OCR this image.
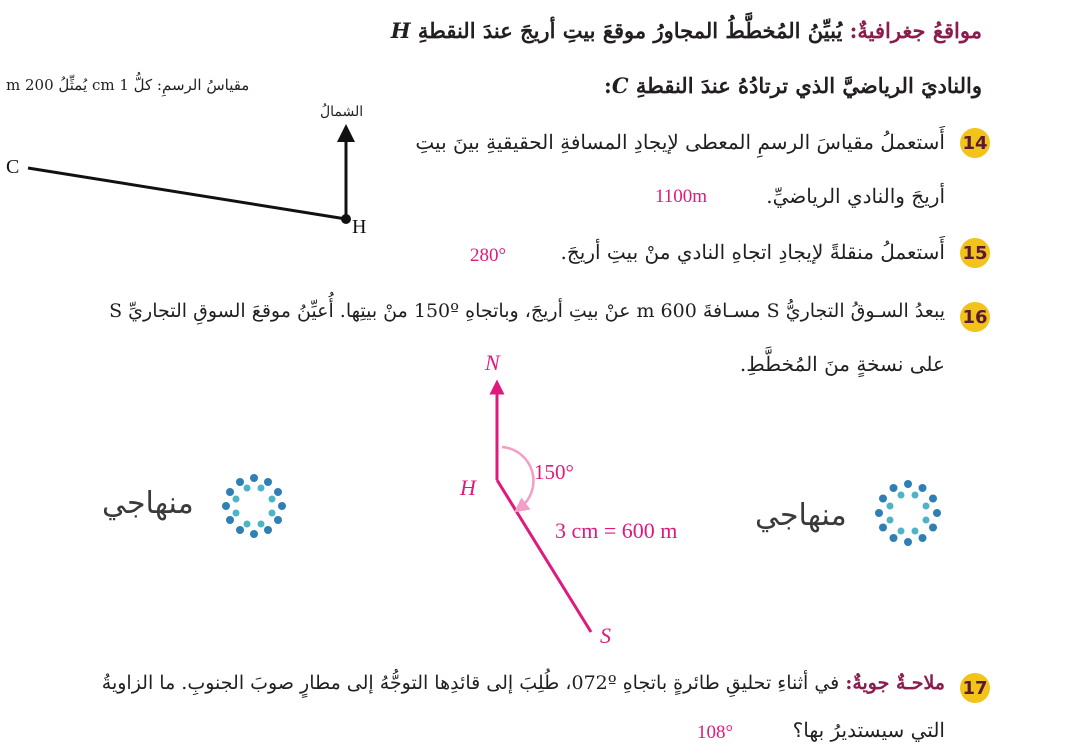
مواقعُ جغرافيةٌ: يُبيِّنُ المُخطَّطُ المجاورُ موقعَ بيتِ أريجَ عندَ النقطةِ H
والناديَ الرياضيَّ الذي ترتادُهُ عندَ النقطةِ C:
مقياسُ الرسمِ: كلُّ 1 cm يُمثِّلُ 200 m
C
H
الشمالُ
14
أَستعملُ مقياسَ الرسمِ المعطى لإيجادِ المسافةِ الحقيقيةِ بينَ بيتِ
أريجَ والنادي الرياضيِّ.
1100m
15
أَستعملُ منقلةً لإيجادِ اتجاهِ النادي منْ بيتِ أريجَ.
280°
16
يبعدُ السـوقُ التجاريُّ S مسـافةَ 600 m عنْ بيتِ أريجَ، وباتجاهِ 150º منْ بيتِها. أُعيِّنُ موقعَ السوقِ التجاريِّ S
على نسخةٍ منَ المُخطَّطِ.
N
H
S
150°
3 cm = 600 m
منهاجي	منهاجي
17
ملاحـةٌ جويةٌ: في أثناءِ تحليقِ طائرةٍ باتجاهِ 072º، طُلِبَ إلى قائدِها التوجُّهُ إلى مطارٍ صوبَ الجنوبِ. ما الزاويةُ
التي سيستديرُ بها؟
108°
